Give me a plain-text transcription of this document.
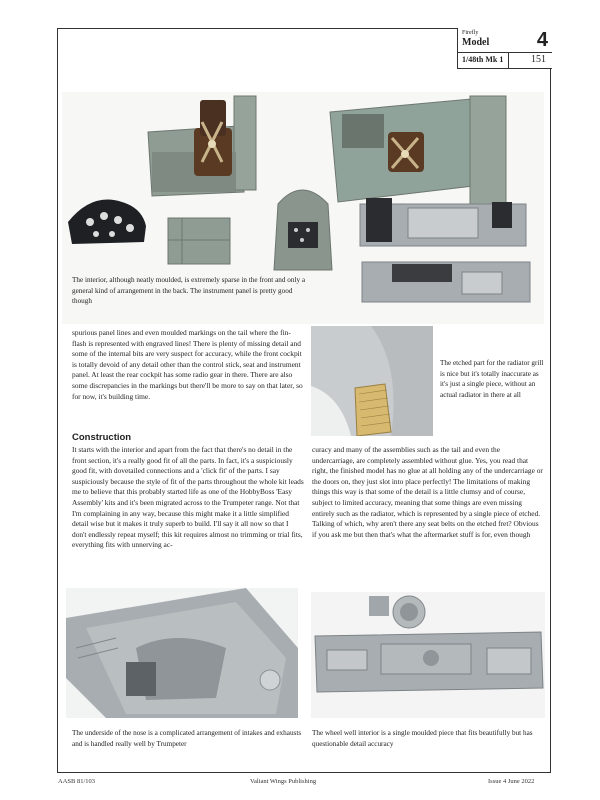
Firefly
Model 4
1/48th Mk 1	151
The interior, although neatly moulded, is extremely sparse in the front and only a general kind of arrangement in the back. The instrument panel is pretty good though
spurious panel lines and even moulded markings on the tail where the fin-flash is represented with engraved lines! There is plenty of missing detail and some of the internal bits are very suspect for accuracy, while the front cockpit is totally devoid of any detail other than the control stick, seat and instrument panel. At least the rear cockpit has some radio gear in there. There are also some discrepancies in the markings but there'll be more to say on that later, so for now, it's building time.
Construction
It starts with the interior and apart from the fact that there's no detail in the front section, it's a really good fit of all the parts. In fact, it's a suspiciously good fit, with dovetailed connections and a 'click fit' of the parts. I say suspiciously because the style of fit of the parts throughout the whole kit leads me to believe that this probably started life as one of the HobbyBoss 'Easy Assembly' kits and it's been migrated across to the Trumpeter range. Not that I'm complaining in any way, because this might make it a little simplified detail wise but it makes it truly superb to build. I'll say it all now so that I don't endlessly repeat myself; this kit requires almost no trimming or trial fits, everything fits with unnerving ac-
The etched part for the radiator grill is nice but it's totally inaccurate as it's just a single piece, without an actual radiator in there at all
curacy and many of the assemblies such as the tail and even the undercarriage, are completely assembled without glue. Yes, you read that right, the finished model has no glue at all holding any of the undercarriage or the doors on, they just slot into place perfectly! The limitations of making things this way is that some of the detail is a little clumsy and of course, subject to limited accuracy, meaning that some things are even missing entirely such as the radiator, which is represented by a single piece of etched. Talking of which, why aren't there any seat belts on the etched fret? Obvious if you ask me but then that's what the aftermarket stuff is for, even though
The underside of the nose is a complicated arrangement of intakes and exhausts and is handled really well by Trumpeter
The wheel well interior is a single moulded piece that fits beautifully but has questionable detail accuracy
AASB 81/103	Valiant Wings Publishing	Issue 4 June 2022
